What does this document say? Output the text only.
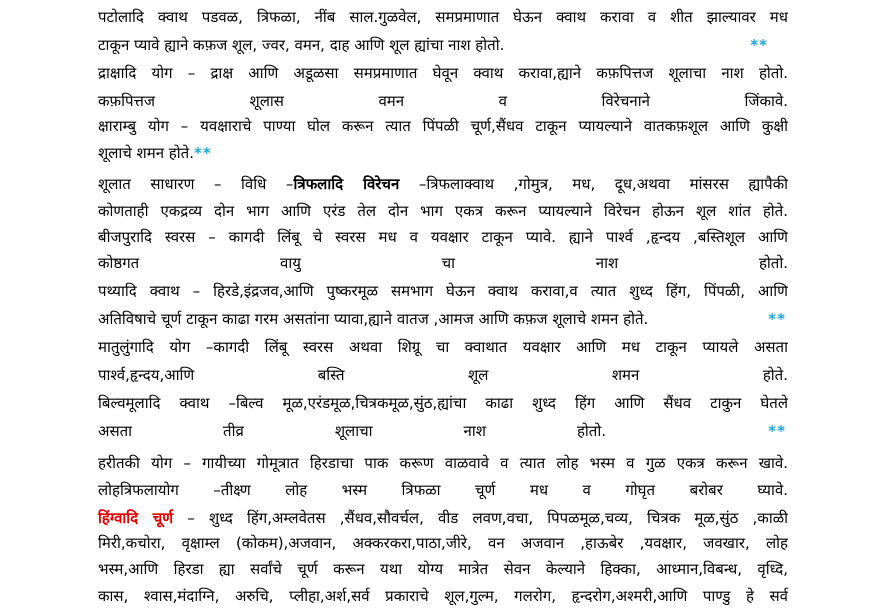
पटोलादि क्वाथ पडवळ, त्रिफळा, नींब साल.गुळवेल, समप्रमाणात घेऊन क्वाथ करावा व शीत झाल्यावर मध
टाकून प्यावे ह्याने कफ़ज शूल, ज्वर, वमन, दाह आणि शूल ह्यांचा नाश होतो.	**
द्राक्षादि योग – द्राक्ष आणि अडूळसा समप्रमाणात घेवून क्वाथ करावा,ह्याने कफ़पित्तज शूलाचा नाश होतो.
कफ़पित्तज शूलास वमन व विरेचनाने जिंकावे.
क्षाराम्बु योग – यवक्षाराचे पाण्या घोल करून त्यात पिंपळी चूर्ण,सैंधव टाकून प्यायल्याने वातकफ़शूल आणि कुक्षी
शूलाचे शमन होते.**
शूलात साधारण – विधि –त्रिफलादि विरेचन –त्रिफलाक्वाथ ,गोमुत्र, मध, दूध,अथवा मांसरस ह्यापैकी
कोणताही एकद्रव्य दोन भाग आणि एरंड तेल दोन भाग एकत्र करून प्यायल्याने विरेचन होऊन शूल शांत होते.
बीजपुरादि स्वरस – कागदी लिंबू चे स्वरस मध व यवक्षार टाकून प्यावे. ह्याने पार्श्व ,हृन्दय ,बस्तिशूल आणि
कोष्ठगत वायु चा नाश होतो.
पथ्यादि क्वाथ – हिरडे,इंद्रजव,आणि पुष्करमूळ समभाग घेऊन क्वाथ करावा,व त्यात शुध्द हिंग, पिंपळी, आणि
अतिविषाचे चूर्ण टाकून काढा गरम असतांना प्यावा,ह्याने वातज ,आमज आणि कफ़ज शूलाचे शमन होते.	**
मातुलुंगादि योग –कागदी लिंबू स्वरस अथवा शिग्रू चा क्वाथात यवक्षार आणि मध टाकून प्यायले असता
पार्श्व,हृन्दय,आणि बस्ति शूल शमन होते.
बिल्वमूलादि क्वाथ –बिल्व मूळ,एरंडमूळ,चित्रकमूळ,सुंठ,ह्यांचा काढा शुध्द हिंग आणि सैंधव टाकुन घेतले
असता तीव्र शूलाचा नाश होतो.	**
हरीतकी योग – गायीच्या गोमूत्रात हिरडाचा पाक करूण वाळवावे व त्यात लोह भस्म व गुळ एकत्र करून खावे.
लोहत्रिफलायोग –तीक्ष्ण लोह भस्म त्रिफळा चूर्ण मध व गोघृत बरोबर घ्यावे.
हिंग्वादि चूर्ण – शुध्द हिंग,अम्लवेतस ,सैंधव,सौवर्चल, वीड लवण,वचा, पिपळमूळ,चव्य, चित्रक मूळ,सुंठ ,काळी
मिरी,कचोरा, वृक्षाम्ल (कोकम),अजवान, अक्करकरा,पाठा,जीरे, वन अजवान ,हाऊबेर ,यवक्षार, जवखार, लोह
भस्म,आणि हिरडा ह्या सर्वांचे चूर्ण करून यथा योग्य मात्रेत सेवन केल्याने हिक्का, आध्मान,विबन्ध, वृध्दि,
कास, श्वास,मंदाग्नि, अरुचि, प्लीहा,अर्श,सर्व प्रकाराचे शूल,गुल्म, गलरोग, हृन्दरोग,अश्मरी,आणि पाण्डु हे सर्व
